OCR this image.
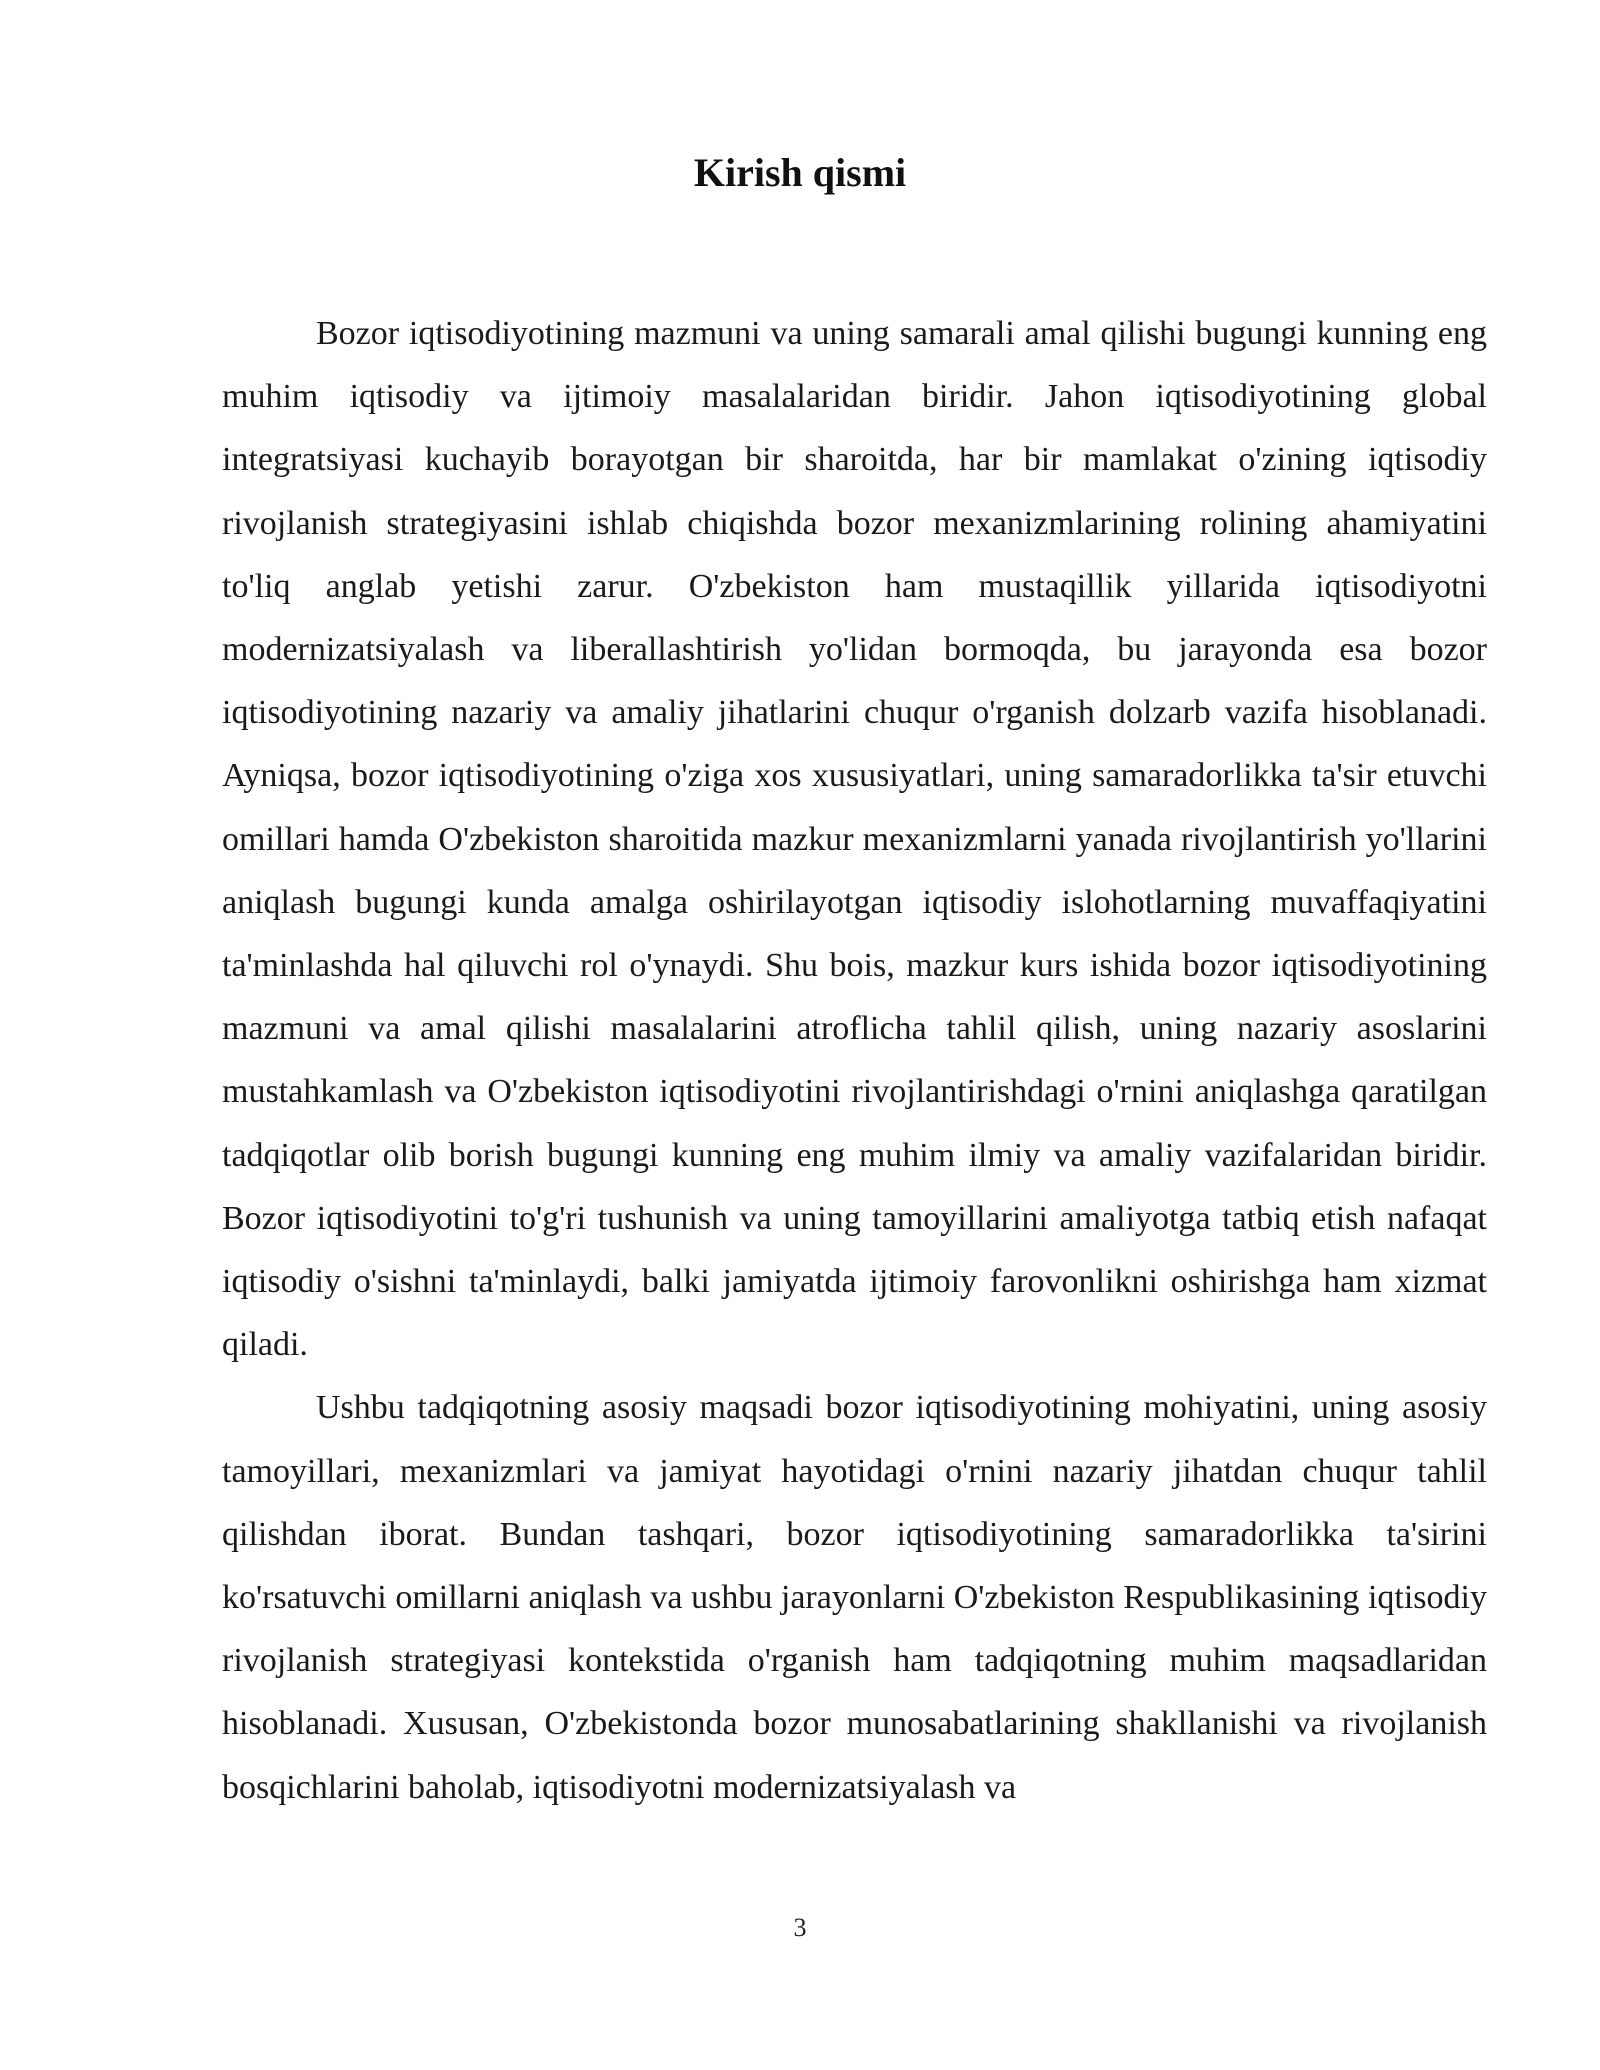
Kirish qismi

Bozor iqtisodiyotining mazmuni va uning samarali amal qilishi bugungi kunning eng muhim iqtisodiy va ijtimoiy masalalaridan biridir. Jahon iqtisodiyotining global integratsiyasi kuchayib borayotgan bir sharoitda, har bir mamlakat o'zining iqtisodiy rivojlanish strategiyasini ishlab chiqishda bozor mexanizmlarining rolining ahamiyatini to'liq anglab yetishi zarur. O'zbekiston ham mustaqillik yillarida iqtisodiyotni modernizatsiyalash va liberallashtirish yo'lidan bormoqda, bu jarayonda esa bozor iqtisodiyotining nazariy va amaliy jihatlarini chuqur o'rganish dolzarb vazifa hisoblanadi. Ayniqsa, bozor iqtisodiyotining o'ziga xos xususiyatlari, uning samaradorlikka ta'sir etuvchi omillari hamda O'zbekiston sharoitida mazkur mexanizmlarni yanada rivojlantirish yo'llarini aniqlash bugungi kunda amalga oshirilayotgan iqtisodiy islohotlarning muvaffaqiyatini ta'minlashda hal qiluvchi rol o'ynaydi. Shu bois, mazkur kurs ishida bozor iqtisodiyotining mazmuni va amal qilishi masalalarini atroflicha tahlil qilish, uning nazariy asoslarini mustahkamlash va O'zbekiston iqtisodiyotini rivojlantirishdagi o'rnini aniqlashga qaratilgan tadqiqotlar olib borish bugungi kunning eng muhim ilmiy va amaliy vazifalaridan biridir. Bozor iqtisodiyotini to'g'ri tushunish va uning tamoyillarini amaliyotga tatbiq etish nafaqat iqtisodiy o'sishni ta'minlaydi, balki jamiyatda ijtimoiy farovonlikni oshirishga ham xizmat qiladi.

Ushbu tadqiqotning asosiy maqsadi bozor iqtisodiyotining mohiyatini, uning asosiy tamoyillari, mexanizmlari va jamiyat hayotidagi o'rnini nazariy jihatdan chuqur tahlil qilishdan iborat. Bundan tashqari, bozor iqtisodiyotining samaradorlikka ta'sirini ko'rsatuvchi omillarni aniqlash va ushbu jarayonlarni O'zbekiston Respublikasining iqtisodiy rivojlanish strategiyasi kontekstida o'rganish ham tadqiqotning muhim maqsadlaridan hisoblanadi. Xususan, O'zbekistonda bozor munosabatlarining shakllanishi va rivojlanish bosqichlarini baholab, iqtisodiyotni modernizatsiyalash va

3
